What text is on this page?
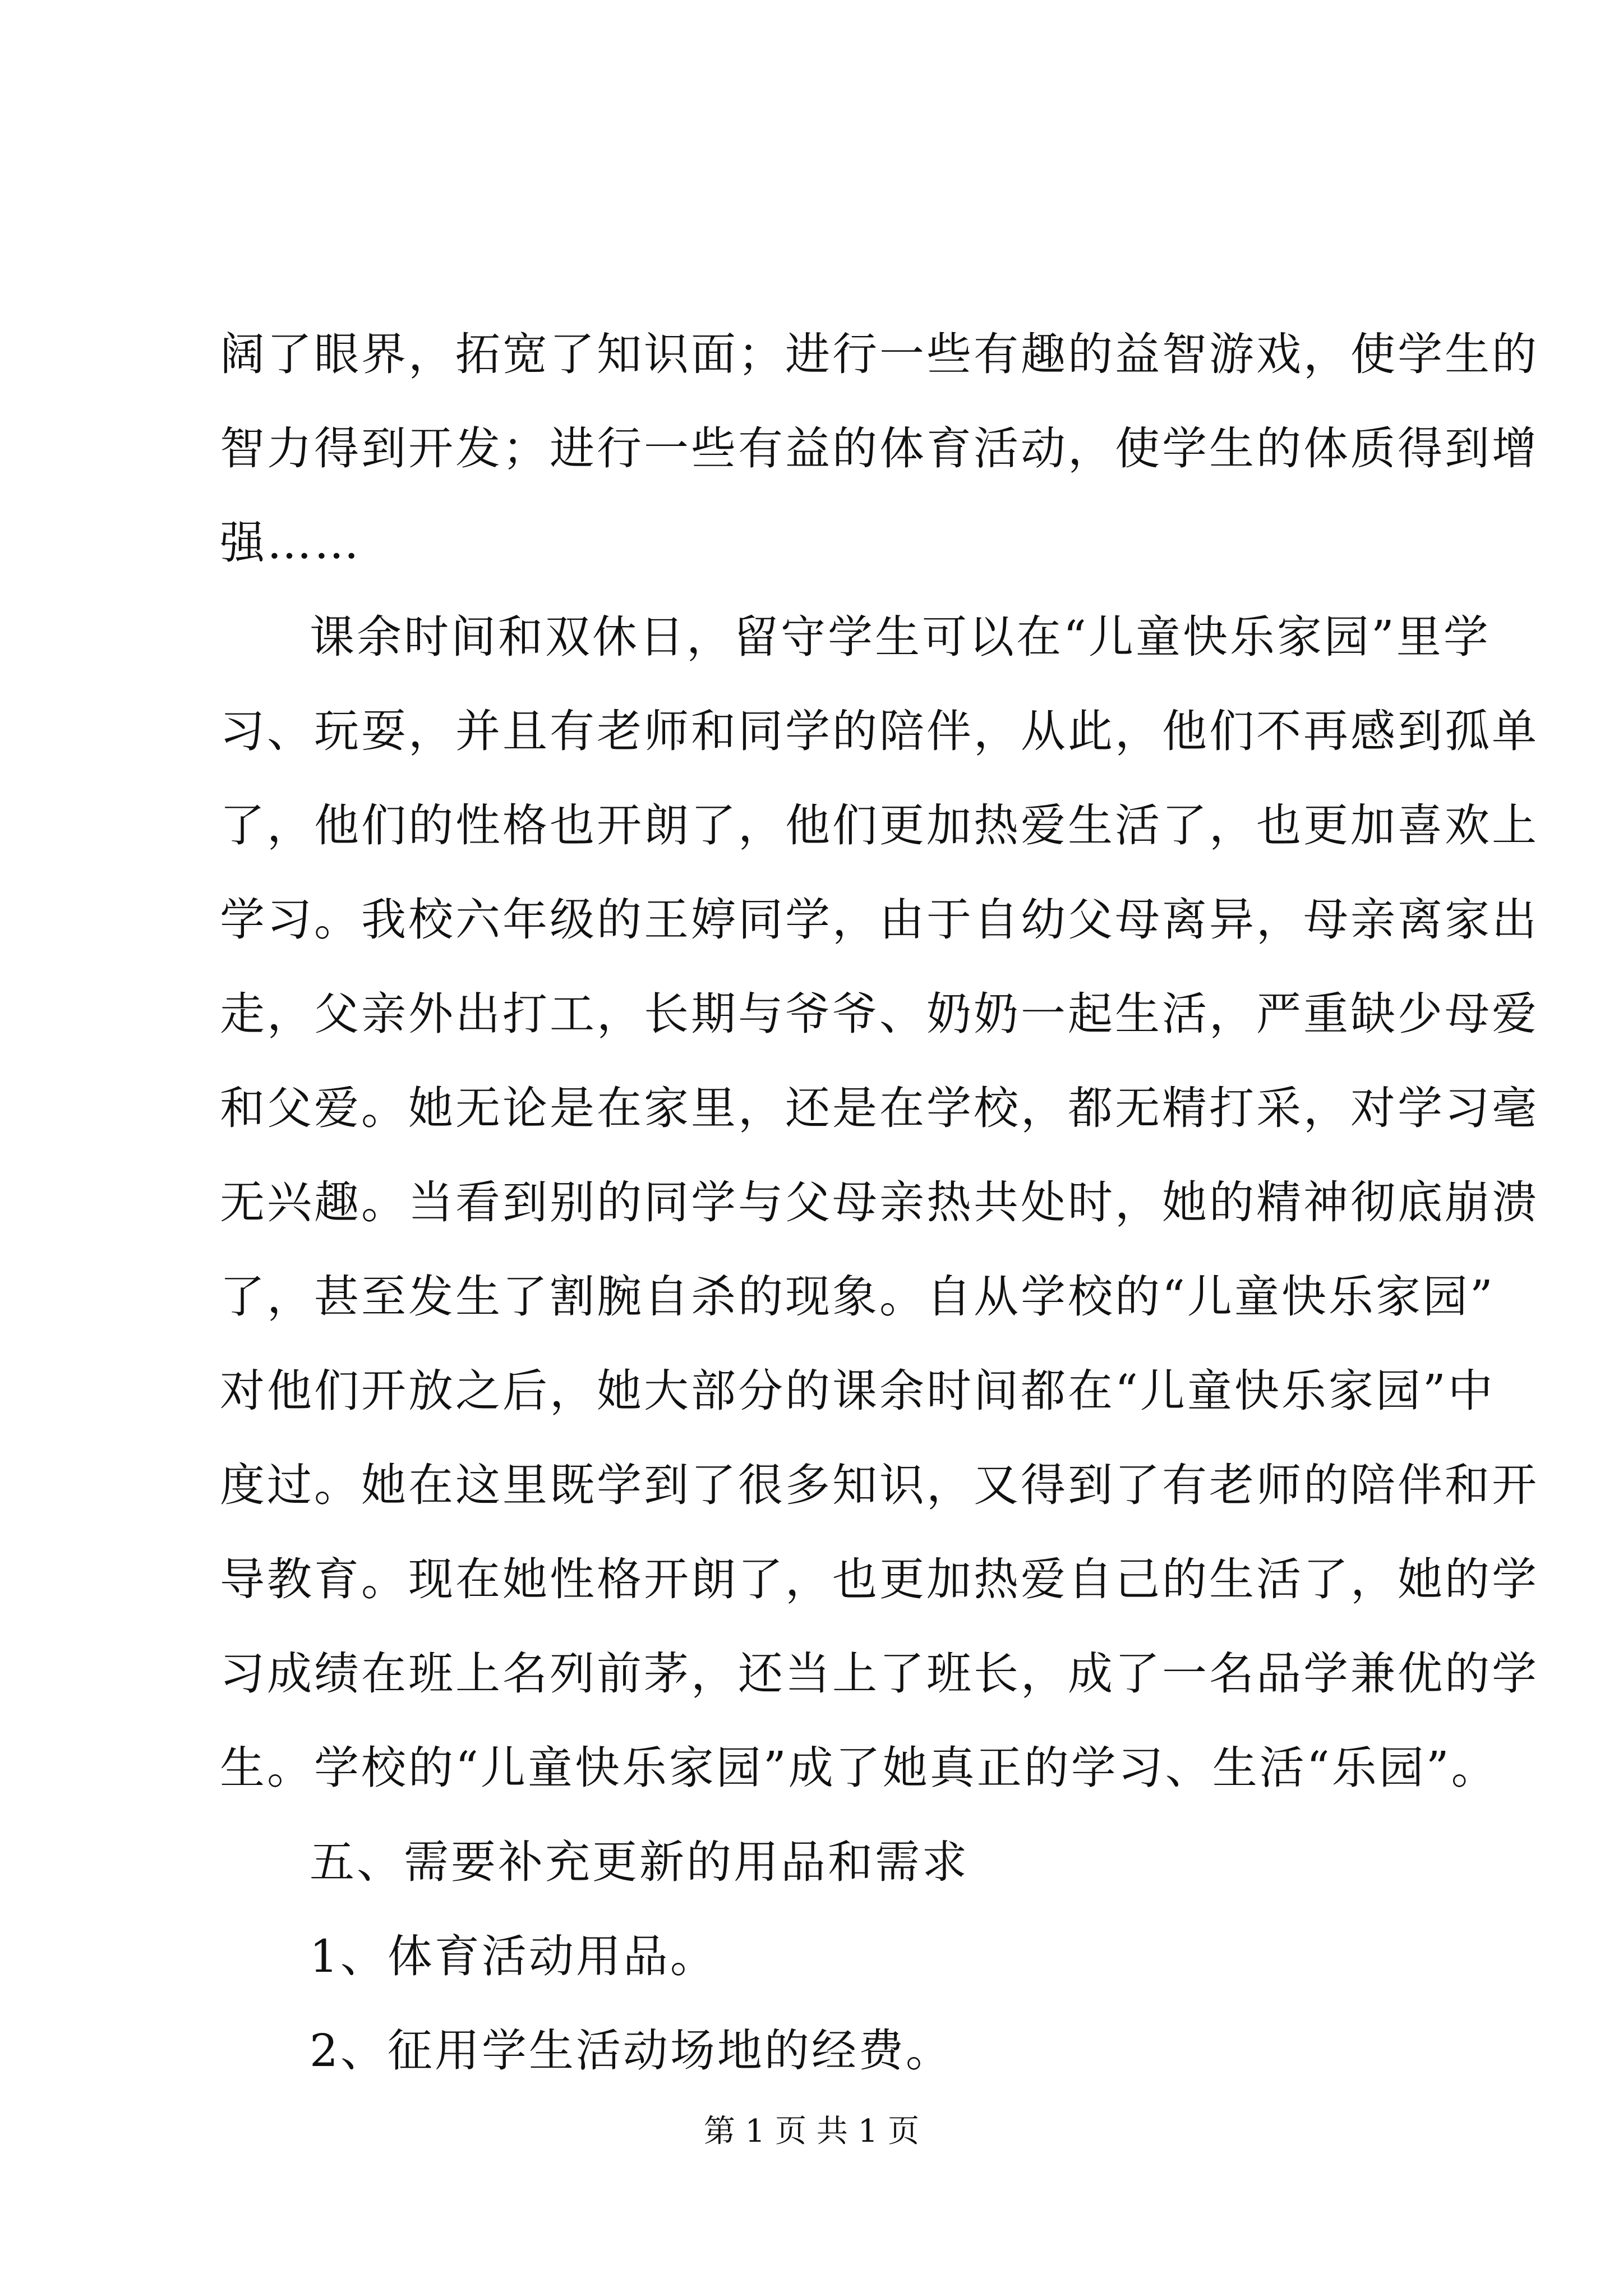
阔了眼界，拓宽了知识面；进行一些有趣的益智游戏，使学生的
智力得到开发；进行一些有益的体育活动，使学生的体质得到增
强……
课余时间和双休日，留守学生可以在“儿童快乐家园”里学
习、玩耍，并且有老师和同学的陪伴，从此，他们不再感到孤单
了，他们的性格也开朗了，他们更加热爱生活了，也更加喜欢上
学习。我校六年级的王婷同学，由于自幼父母离异，母亲离家出
走，父亲外出打工，长期与爷爷、奶奶一起生活，严重缺少母爱
和父爱。她无论是在家里，还是在学校，都无精打采，对学习毫
无兴趣。当看到别的同学与父母亲热共处时，她的精神彻底崩溃
了，甚至发生了割腕自杀的现象。自从学校的“儿童快乐家园”
对他们开放之后，她大部分的课余时间都在“儿童快乐家园”中
度过。她在这里既学到了很多知识，又得到了有老师的陪伴和开
导教育。现在她性格开朗了，也更加热爱自己的生活了，她的学
习成绩在班上名列前茅，还当上了班长，成了一名品学兼优的学
生。学校的“儿童快乐家园”成了她真正的学习、生活“乐园”。
五、需要补充更新的用品和需求
1、体育活动用品。
2、征用学生活动场地的经费。
第 1 页 共 1 页
